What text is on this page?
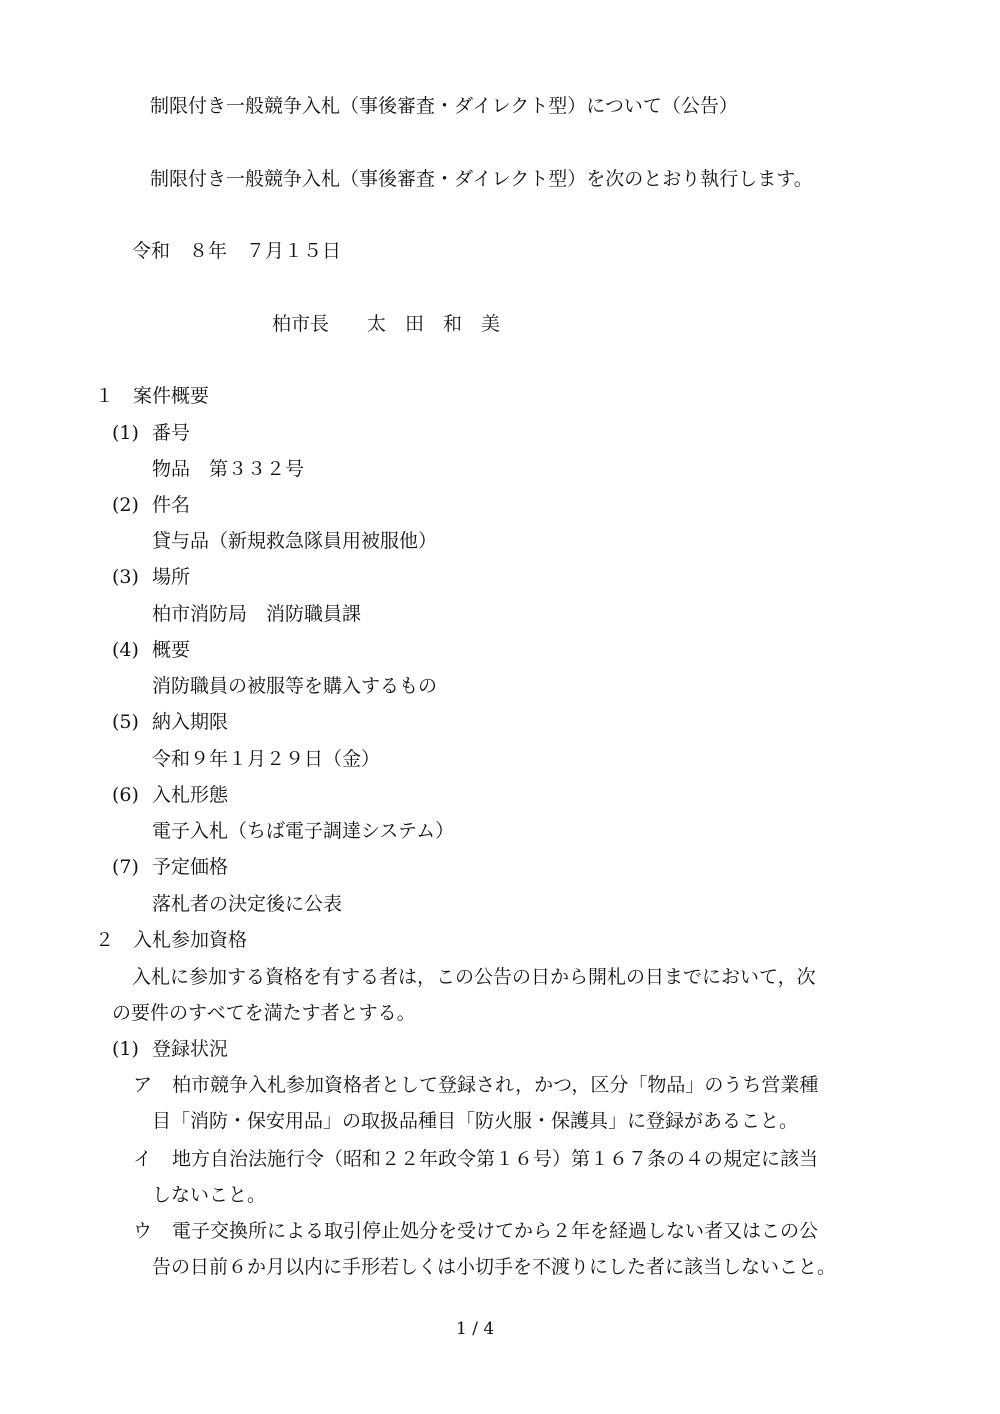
制限付き一般競争入札（事後審査・ダイレクト型）について（公告）
制限付き一般競争入札（事後審査・ダイレクト型）を次のとおり執行します。
令和　８年　７月１５日
柏市長　　太　田　和　美
１　案件概要
(1) 番号
物品　第３３２号
(2) 件名
貸与品（新規救急隊員用被服他）
(3) 場所
柏市消防局　消防職員課
(4) 概要
消防職員の被服等を購入するもの
(5) 納入期限
令和９年１月２９日（金）
(6) 入札形態
電子入札（ちば電子調達システム）
(7) 予定価格
落札者の決定後に公表
２　入札参加資格
入札に参加する資格を有する者は，この公告の日から開札の日までにおいて，次
の要件のすべてを満たす者とする。
(1) 登録状況
ア 柏市競争入札参加資格者として登録され，かつ，区分「物品」のうち営業種
目「消防・保安用品」の取扱品種目「防火服・保護具」に登録があること。
イ 地方自治法施行令（昭和２２年政令第１６号）第１６７条の４の規定に該当
しないこと。
ウ 電子交換所による取引停止処分を受けてから２年を経過しない者又はこの公
告の日前６か月以内に手形若しくは小切手を不渡りにした者に該当しないこと。
1 / 4
